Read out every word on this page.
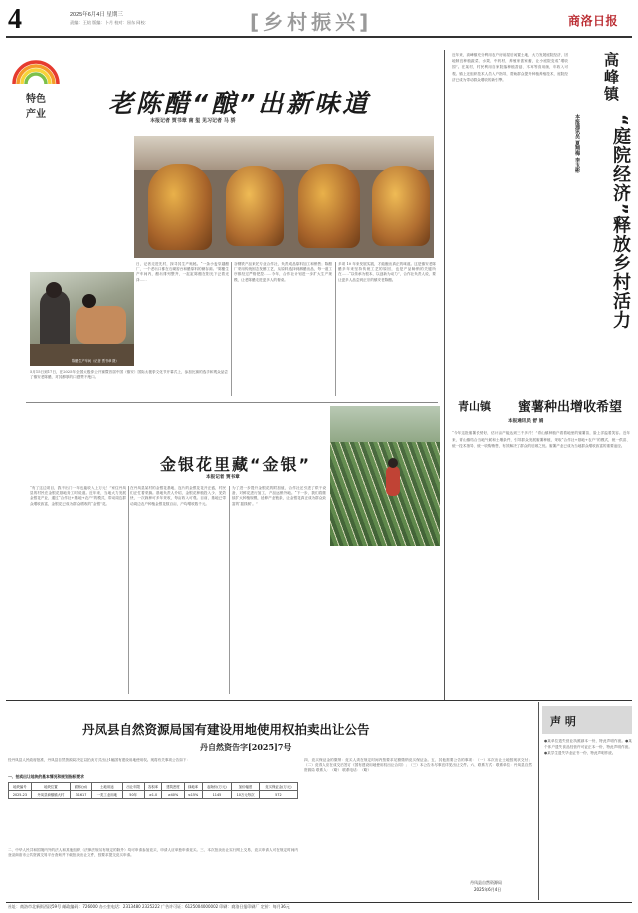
4	2025年6月4日 星期三
责编：王煊 版编：卜月 校对：屈东 网校：	[乡村振兴]	商洛日报
特色
产业	老陈醋“酿”出新味道
本报记者 贾书章 南 玺 见习记者 马 骄
陈醋生产车间（记者 贾书章 摄）
日，记者走进先村，探寻其生产奥秘。“一条小麦穿越醋厂，一个老坛口都在石砌窖台和醋原料的储存洞。”陈醋生产车间内，醋坛排列整齐，一缸缸陈醋在阳光下泛着光泽……
5月15日到17日，在2025年全国太极拳公开赛暨首届中国（镇安）国际太极拳文化节开幕式上，参加比赛的选手和观众品尝了镇安老陈醋，对其醇厚的口感赞不绝口。
谷钢铁产品来托专业合作社，负责成品原料加工和销售；陈醋厂采用传统固态发酵工艺，从原料选择到淋醋出品，每一道工序都经过严格把控……今年，合作社计划进一步扩大生产规模，让老陈醋走进更多人的餐桌。
多项 10 年来发展实践，才能酿出真正的味道。这是镇安老陈醋多年来坚持传统工艺的原因，也是产品畅销的关键所在……“以传承为根本，以创新为动力”，合作社负责人说，要让更多人品尝到正宗的镇安老陈醋。
金银花里藏“金银”
本报记者 贾书章
“有了这边项目，我不出门一年也能收入上万元！”家住丹凤县的村民在金银花基地务工时说道。近年来，当地大力发展金银花产业，通过“合作社+基地+农户”的模式，带动周边群众增收致富，金银花已成为群众增收的“金银”花。
在丹凤县某村的金银花基地，连片的金银花花开正盛，村民们正忙着采摘。基地负责人介绍，金银花种植投入少、见效快，一次栽种可多年采收，每亩收入可观。目前，基地已带动周边农户种植金银花数百亩，户均增收数千元。
为了进一步提升金银花的附加值，合作社还引进了烘干设备，对鲜花进行加工，产品远销外地。“下一步，我们将继续扩大种植规模，延伸产业链条，让金银花真正成为群众致富的‘摇钱树’。”
近年来，高峰镇充分利用农户房前屋后闲置土地，大力发展庭院经济，因地制宜种植蔬菜、水果、中药材，养殖家禽家畜，让小庭院变成“增收园”。在某村，村民利用自家院落种植香菇、木耳等食用菌，年收入可观。镇上还组织技术人员入户指导，帮助群众提升种植养殖技术，庭院经济已成为带动群众增收的新引擎。	高峰镇
“庭院经济”释放乡村活力
本报通讯员 夏翔梅 李玉彬
青山镇 蜜薯种出增收希望
本报通讯员 舒 娟
“今年这批蜜薯长势好，估计亩产能达到三千多斤！”青山镇种植户看着地里的蜜薯苗，脸上洋溢着笑容。近年来，青山镇结合当地气候和土壤条件，引导群众发展蜜薯种植，采取“合作社+基地+农户”的模式，统一供苗、统一技术指导、统一收购销售，有效解决了群众的后顾之忧。蜜薯产业已成为当地群众增收致富的重要途径。
丹凤县自然资源局国有建设用地使用权拍卖出让公告
丹自然资告字[2025]7号
经丹凤县人民政府批准，丹凤县自然资源局决定以拍卖方式出让1幅国有建设用地使用权。现将有关事项公告如下：
一、拍卖出让地块的基本情况和规划指标要求
地块编号	地块位置	面积(㎡)	土地用途	出让年限	容积率	建筑密度	绿地率	起始价(万元)	加价幅度	竞买保证金(万元)
2025-23	丹凤县商镇镇大村	31617	一类工业用地	50年	≥1.0	≥40%	≤15%	1145	10万元每次	572
二、中华人民共和国境内外的法人和其他组织（法律法规另有规定的除外）均可申请参加竞买，申请人应单独申请竞买。三、本次拍卖出让实行网上交易，竞买申请人可在规定时间内登录商洛市公共资源交易平台查询并下载拍卖出让文件，按要求提交竞买申请。
四、竞买保证金的缴纳：竞买人须在规定时间内按要求足额缴纳竞买保证金。五、其他需要公告的事项：（一）本次出让土地按现状交付；（二）竞得人应在成交后签订《国有建设用地使用权出让合同》；（三）本公告未尽事宜详见出让文件。六、联系方式：联系单位：丹凤县自然资源局 联系人：（略） 联系电话：（略）
丹凤县自然资源局
2025年6月4日
声 明
●某单位遗失营业执照副本一份，特此声明作废。●某个体户遗失食品经营许可证正本一份，特此声明作废。●某学生遗失毕业证书一份，特此声明作废。
社址：商洛市北新街西段59号 邮政编码：726000 办公室电话：2313480 2325222 广告许可证：6125004000002 印刷：商洛日报印刷厂 定价：每月36元
